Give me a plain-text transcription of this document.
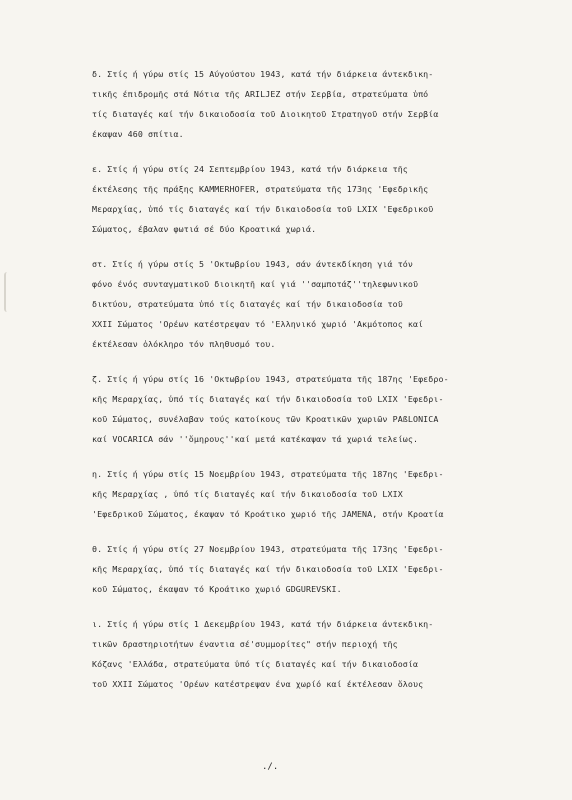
δ. Στίς ή γύρω στίς 15 Αύγούστου 1943, κατά τήν διάρκεια άντεκδικη-
τικῆς έπιδρομῆς στά Νότια τῆς ARILJEZ στήν Σερβία, στρατεύματα ὑπό
τίς διαταγές καί τήν δικαιοδοσία τοῦ Διοικητοῦ Στρατηγοῦ στήν Σερβία
έκαψαν 460 σπίτια.
ε. Στίς ή γύρω στίς 24 Σεπτεμβρίου 1943, κατά τήν διάρκεια τῆς
έκτέλεσης τῆς πράξης KAMMERHOFER, στρατεύματα τῆς 173ης 'Εφεδρικῆς
Μεραρχίας, ὑπό τίς διαταγές καί τήν δικαιοδοσία τοῦ LXIX 'Εφεδρικοῦ
Σώματος, έβαλαν φωτιά σέ δύο Κροατικά χωριά.
στ. Στίς ή γύρω στίς 5 'Οκτωβρίου 1943, σάν άντεκδίκηση γιά τόν
φόνο ένός συνταγματικοῦ διοικητῆ καί γιά ''σαμποτάζ''τηλεφωνικοῦ
δικτύου, στρατεύματα ὑπό τίς διαταγές καί τήν δικαιοδοσία τοῦ
XXII Σώματος 'Ορέων κατέστρεψαν τό 'Ελληνικό χωριό 'Ακμότοπος καί
έκτέλεσαν ὁλόκληρο τόν πληθυσμό του.
ζ. Στίς ή γύρω στίς 16 'Οκτωβρίου 1943, στρατεύματα τῆς 187ης 'Εφεδρο-
κῆς Μεραρχίας, ὑπό τίς διαταγές καί τήν δικαιοδοσία τοῦ LXIX 'Εφεδρι-
κοῦ Σώματος, συνέλαβαν τούς κατοίκους τῶν Κροατικῶν χωριῶν PAßLONICA
καί VOCARICA σάν ''ὅμηρους''καί μετά κατέκαψαν τά χωριά τελείως.
η. Στίς ή γύρω στίς 15 Νοεμβρίου 1943, στρατεύματα τῆς 187ης 'Εφεδρι-
κῆς Μεραρχίας , ὑπό τίς διαταγές καί τήν δικαιοδοσία τοῦ LXIX
'Εφεδρικοῦ Σώματος, έκαψαν τό Κροάτικο χωριό τῆς JAMENA, στήν Κροατία
θ. Στίς ή γύρω στίς 27 Νοεμβρίου 1943, στρατεύματα τῆς 173ης 'Εφεδρι-
κῆς Μεραρχίας, ὑπό τίς διαταγές καί τήν δικαιοδοσία τοῦ LXIX 'Εφεδρι-
κοῦ Σώματος, έκαψαν τό Κροάτικο χωριό GDGUREVSKI.
ι. Στίς ή γύρω στίς 1 Δεκεμβρίου 1943, κατά τήν διάρκεια άντεκδικη-
τικῶν δραστηριοτήτων έναντια σέ'συμμορίτες" στήν περιοχή τῆς
Κόζανς 'Ελλάδα, στρατεύματα ὑπό τίς διαταγές καί τήν δικαιοδοσία
τοῦ XXII Σώματος 'Ορέων κατέστρεψαν ένα χωρίό καί έκτέλεσαν ὅλους
./.
